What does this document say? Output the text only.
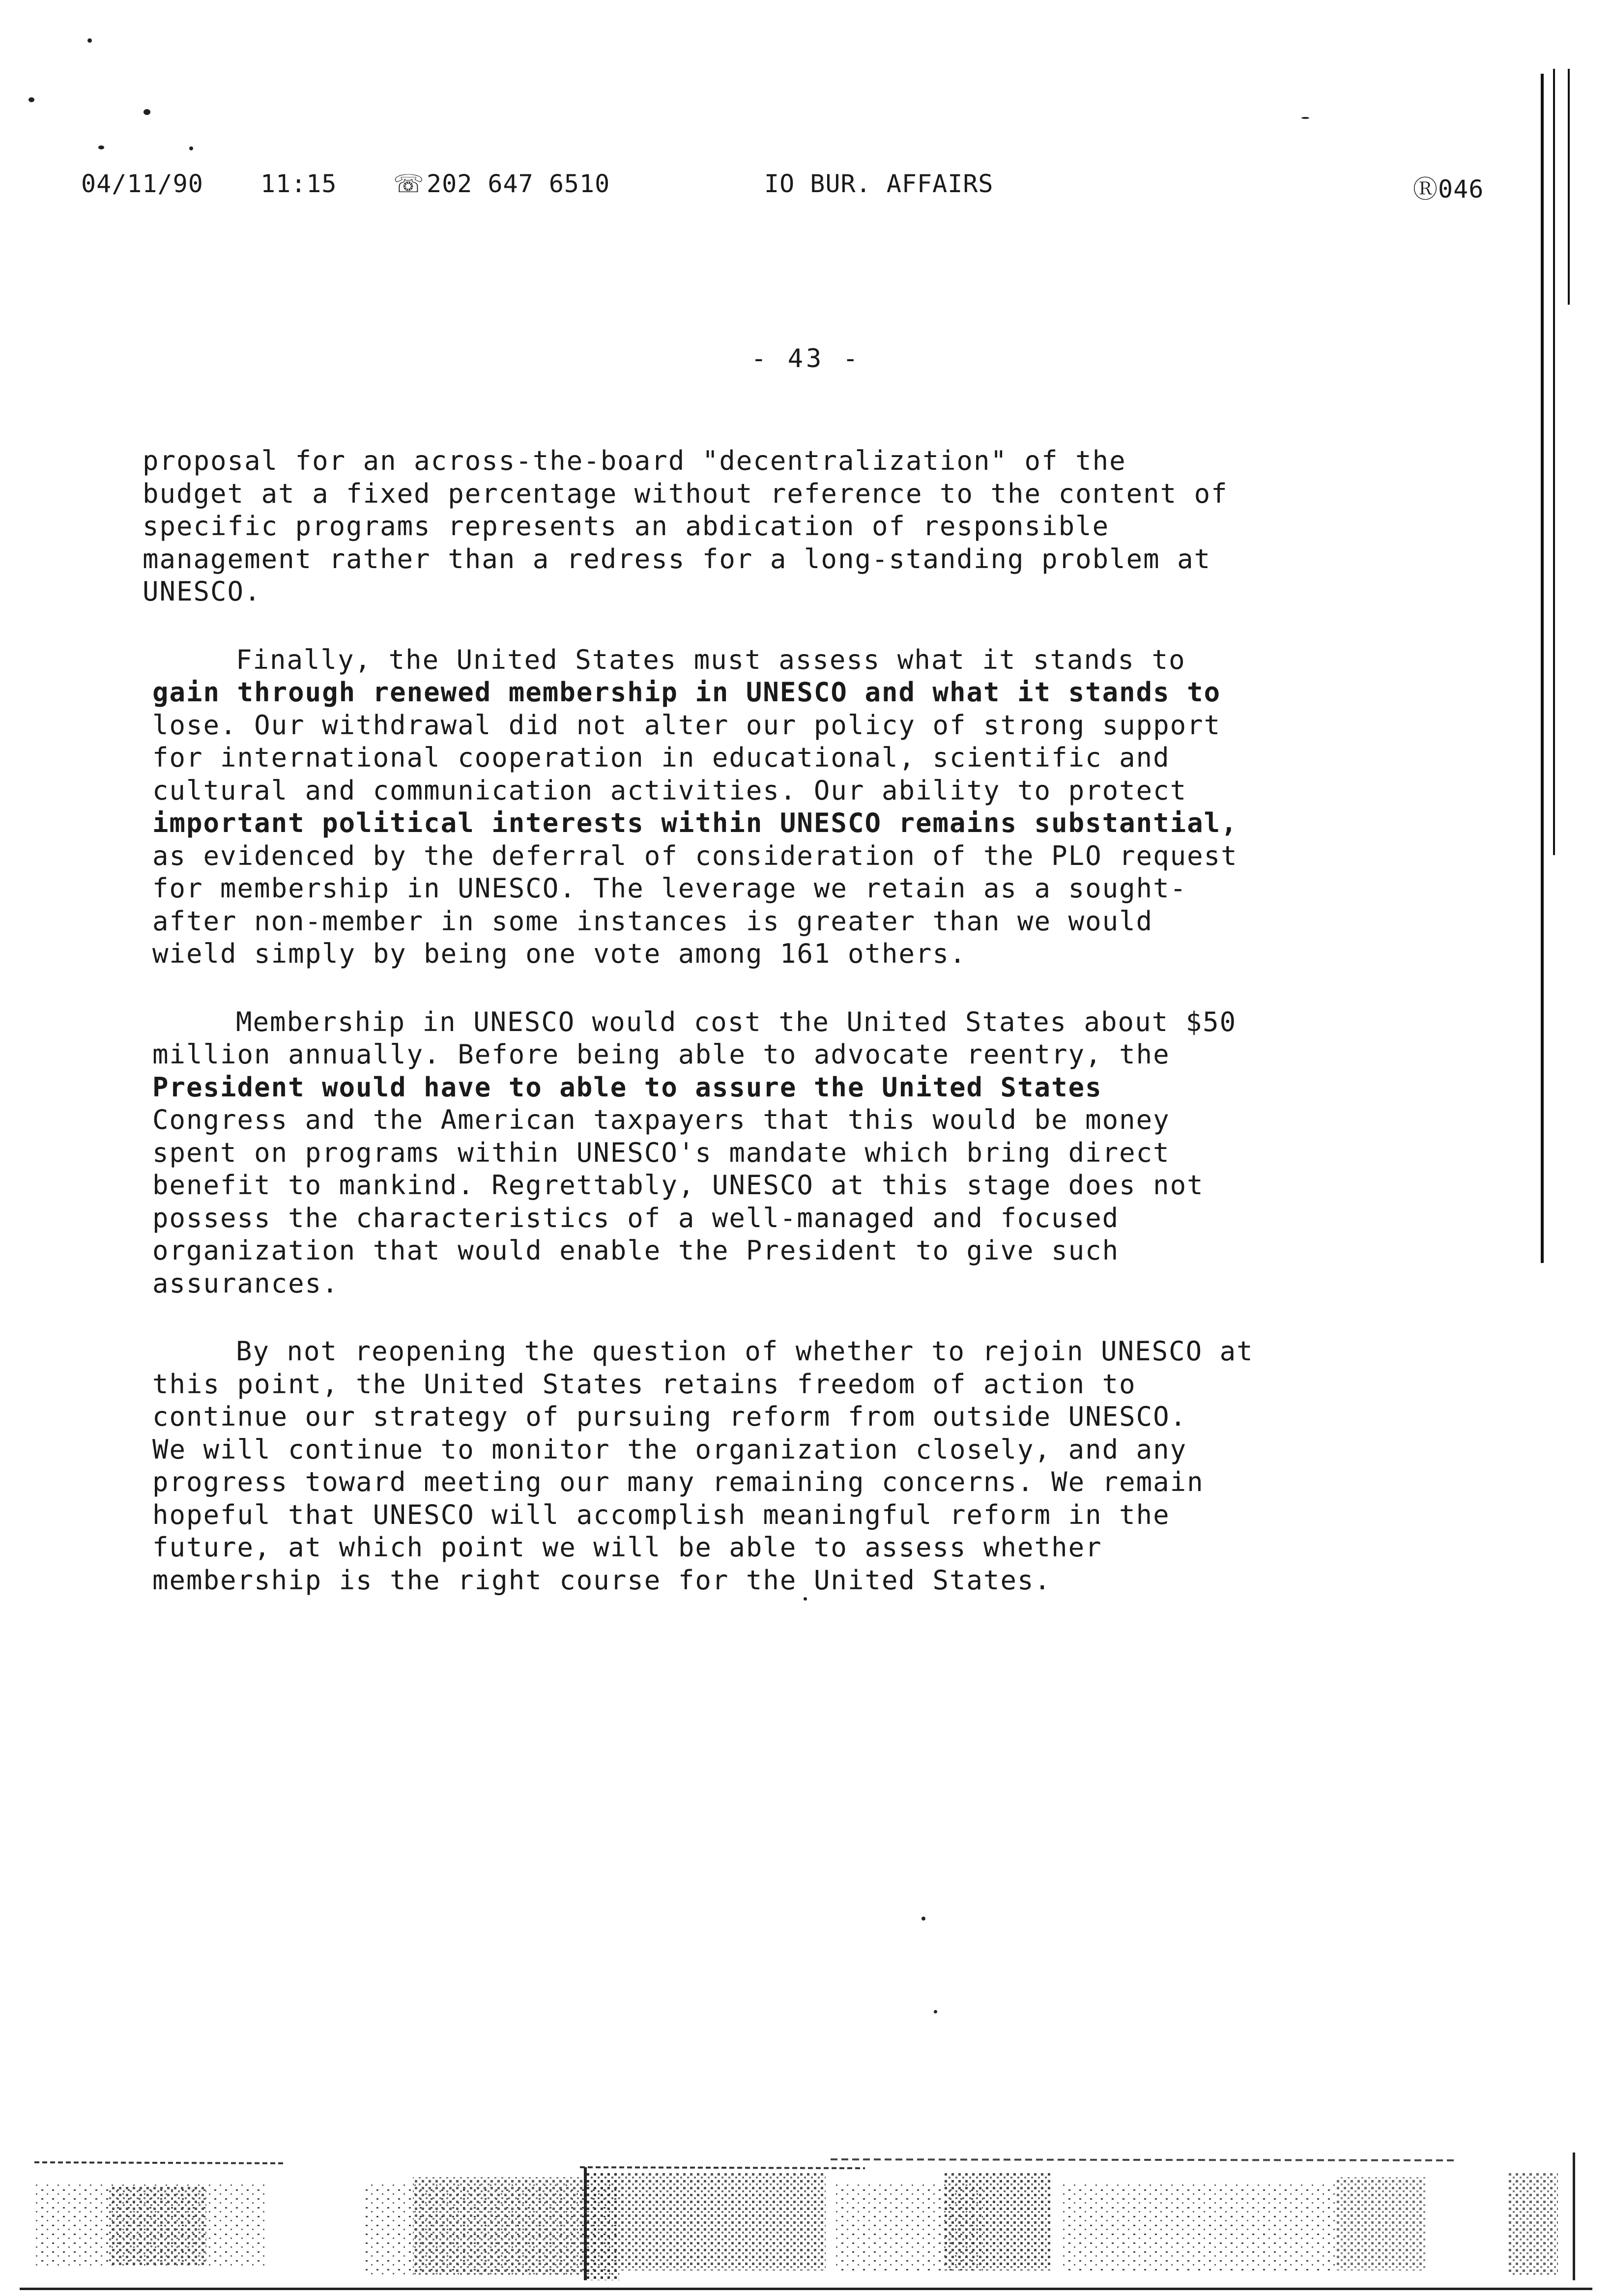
04/11/90 11:15 ☏ 202 647 6510	IO BUR. AFFAIRS	Ⓡ046
- 43 -
proposal for an across-the-board "decentralization" of the
budget at a fixed percentage without reference to the content of
specific programs represents an abdication of responsible
management rather than a redress for a long-standing problem at
UNESCO.
Finally, the United States must assess what it stands to
gain through renewed membership in UNESCO and what it stands to
lose. Our withdrawal did not alter our policy of strong support
for international cooperation in educational, scientific and
cultural and communication activities. Our ability to protect
important political interests within UNESCO remains substantial,
as evidenced by the deferral of consideration of the PLO request
for membership in UNESCO. The leverage we retain as a sought-
after non-member in some instances is greater than we would
wield simply by being one vote among 161 others.
Membership in UNESCO would cost the United States about $50
million annually. Before being able to advocate reentry, the
President would have to able to assure the United States
Congress and the American taxpayers that this would be money
spent on programs within UNESCO's mandate which bring direct
benefit to mankind. Regrettably, UNESCO at this stage does not
possess the characteristics of a well-managed and focused
organization that would enable the President to give such
assurances.
By not reopening the question of whether to rejoin UNESCO at
this point, the United States retains freedom of action to
continue our strategy of pursuing reform from outside UNESCO.
We will continue to monitor the organization closely, and any
progress toward meeting our many remaining concerns. We remain
hopeful that UNESCO will accomplish meaningful reform in the
future, at which point we will be able to assess whether
membership is the right course for the United States.
